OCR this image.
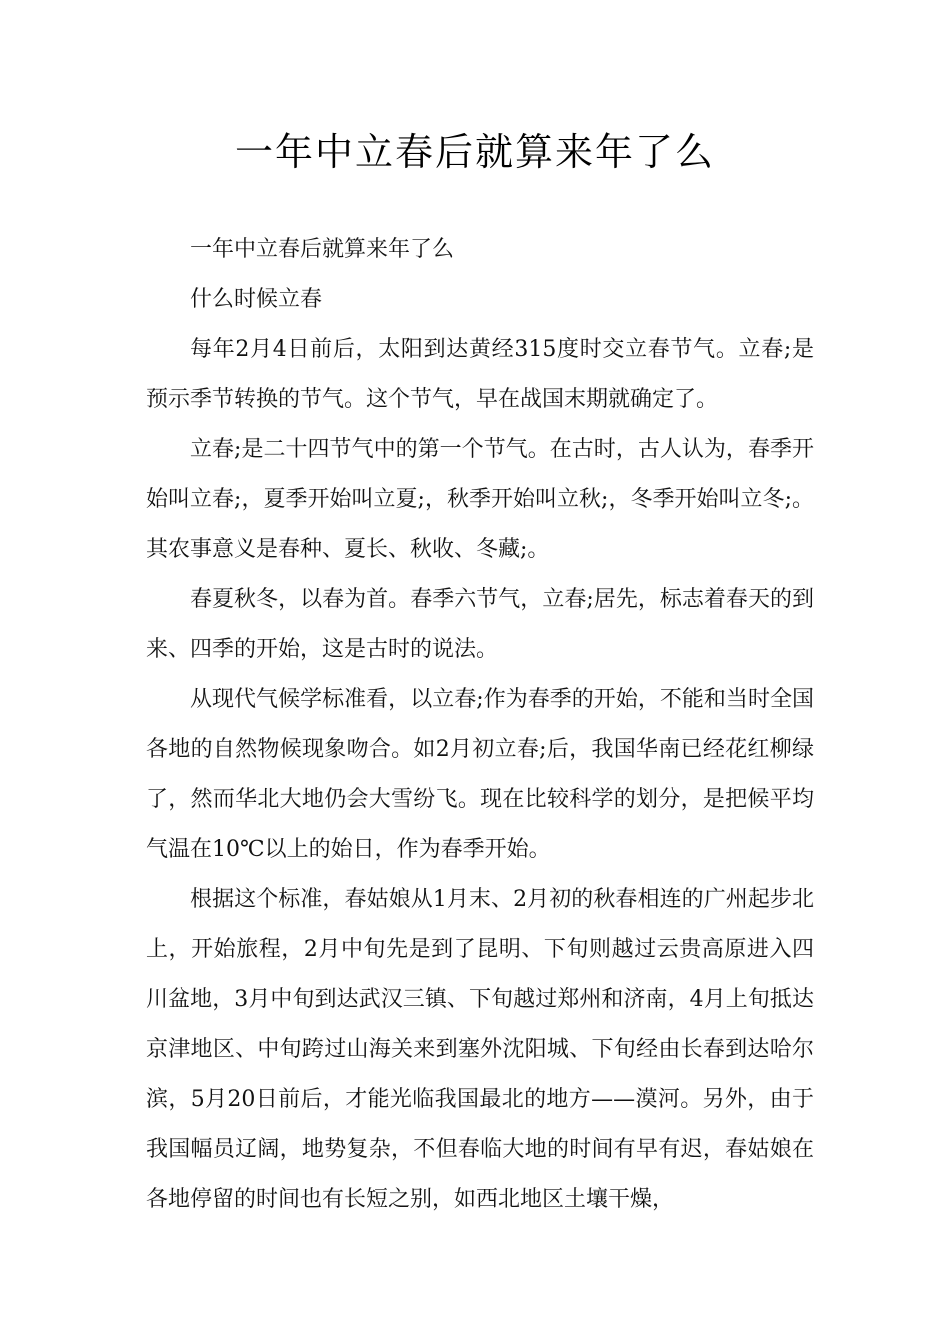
一年中立春后就算来年了么

一年中立春后就算来年了么

什么时候立春

每年2月4日前后，太阳到达黄经315度时交立春节气。立春;是预示季节转换的节气。这个节气，早在战国末期就确定了。

立春;是二十四节气中的第一个节气。在古时，古人认为，春季开始叫立春;，夏季开始叫立夏;，秋季开始叫立秋;，冬季开始叫立冬;。其农事意义是春种、夏长、秋收、冬藏;。

春夏秋冬，以春为首。春季六节气，立春;居先，标志着春天的到来、四季的开始，这是古时的说法。

从现代气候学标准看，以立春;作为春季的开始，不能和当时全国各地的自然物候现象吻合。如2月初立春;后，我国华南已经花红柳绿了，然而华北大地仍会大雪纷飞。现在比较科学的划分，是把候平均气温在10℃以上的始日，作为春季开始。

根据这个标准，春姑娘从1月末、2月初的秋春相连的广州起步北上，开始旅程，2月中旬先是到了昆明、下旬则越过云贵高原进入四川盆地，3月中旬到达武汉三镇、下旬越过郑州和济南，4月上旬抵达京津地区、中旬跨过山海关来到塞外沈阳城、下旬经由长春到达哈尔滨，5月20日前后，才能光临我国最北的地方——漠河。另外，由于我国幅员辽阔，地势复杂，不但春临大地的时间有早有迟，春姑娘在各地停留的时间也有长短之别，如西北地区土壤干燥，
